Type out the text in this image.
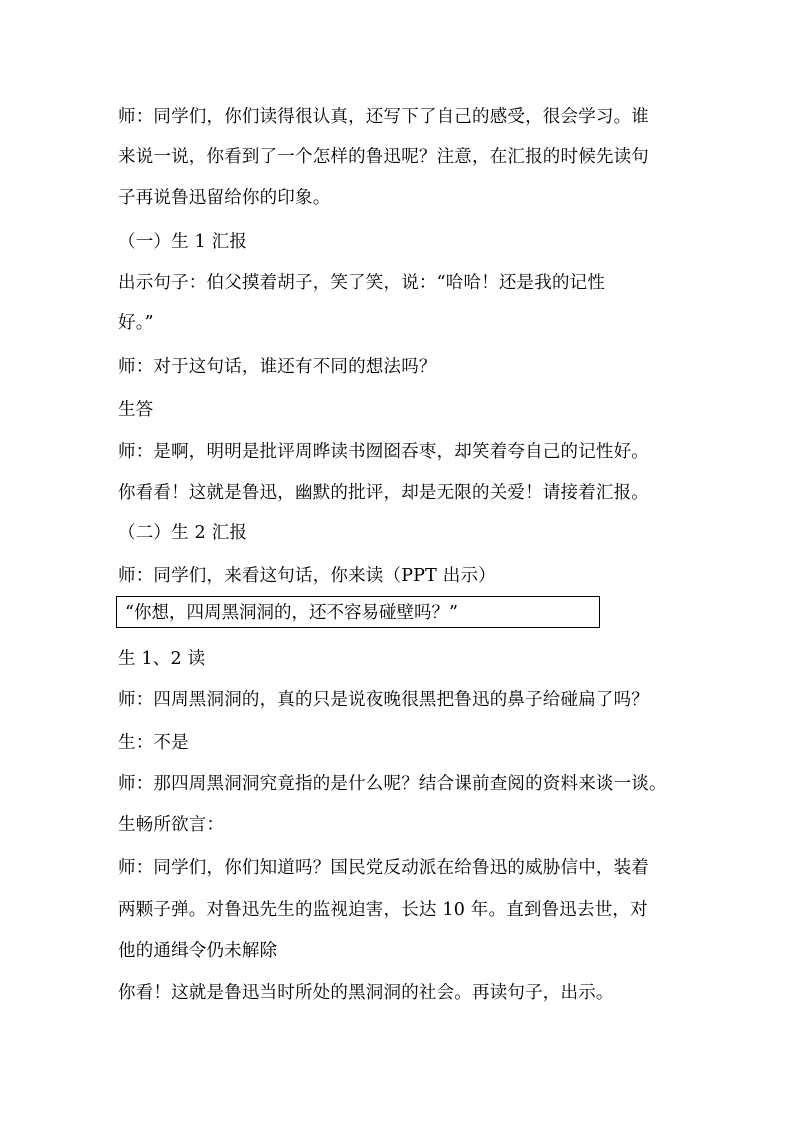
师：同学们，你们读得很认真，还写下了自己的感受，很会学习。谁
来说一说，你看到了一个怎样的鲁迅呢？注意，在汇报的时候先读句
子再说鲁迅留给你的印象。
（一）生 1 汇报
出示句子：伯父摸着胡子，笑了笑，说：“哈哈！还是我的记性
好。”
师：对于这句话，谁还有不同的想法吗？
生答
师：是啊，明明是批评周晔读书囫囵吞枣，却笑着夸自己的记性好。
你看看！这就是鲁迅，幽默的批评，却是无限的关爱！请接着汇报。
（二）生 2 汇报
师：同学们，来看这句话，你来读（PPT 出示）
“你想，四周黑洞洞的，还不容易碰壁吗？”
生 1、2 读
师：四周黑洞洞的，真的只是说夜晚很黑把鲁迅的鼻子给碰扁了吗？
生：不是
师：那四周黑洞洞究竟指的是什么呢？结合课前查阅的资料来谈一谈。
生畅所欲言：
师：同学们，你们知道吗？国民党反动派在给鲁迅的威胁信中，装着
两颗子弹。对鲁迅先生的监视迫害，长达 10 年。直到鲁迅去世，对
他的通缉令仍未解除
你看！这就是鲁迅当时所处的黑洞洞的社会。再读句子，出示。
